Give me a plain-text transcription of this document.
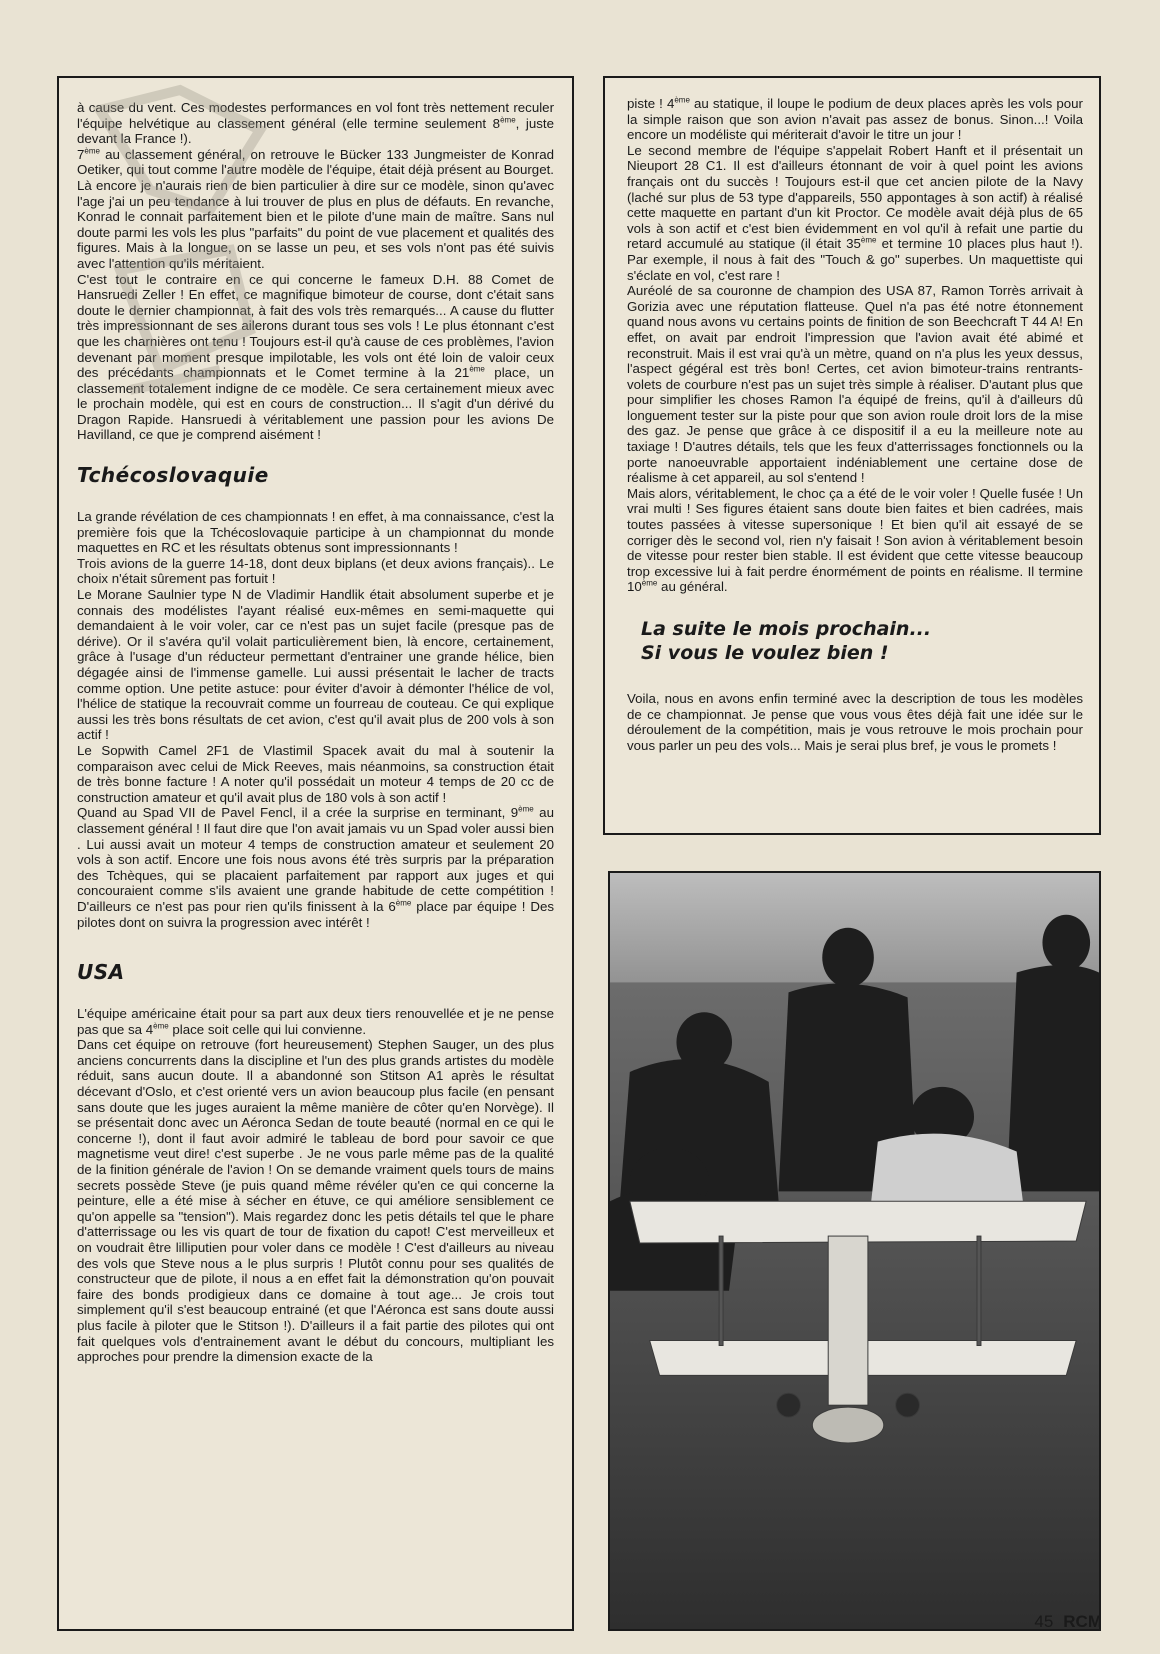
à cause du vent. Ces modestes performances en vol font très nettement reculer l'équipe helvétique au classement général (elle termine seulement 8ème, juste devant la France !).

7ème au classement général, on retrouve le Bücker 133 Jungmeister de Konrad Oetiker, qui tout comme l'autre modèle de l'équipe, était déjà présent au Bourget. Là encore je n'aurais rien de bien particulier à dire sur ce modèle, sinon qu'avec l'age j'ai un peu tendance à lui trouver de plus en plus de défauts. En revanche, Konrad le connait parfaitement bien et le pilote d'une main de maître. Sans nul doute parmi les vols les plus "parfaits" du point de vue placement et qualités des figures. Mais à la longue, on se lasse un peu, et ses vols n'ont pas été suivis avec l'attention qu'ils méritaient.

C'est tout le contraire en ce qui concerne le fameux D.H. 88 Comet de Hansruedi Zeller ! En effet, ce magnifique bimoteur de course, dont c'était sans doute le dernier championnat, à fait des vols très remarqués... A cause du flutter très impressionnant de ses ailerons durant tous ses vols ! Le plus étonnant c'est que les charnières ont tenu ! Toujours est-il qu'à cause de ces problèmes, l'avion devenant par moment presque impilotable, les vols ont été loin de valoir ceux des précédants championnats et le Comet termine à la 21ème place, un classement totalement indigne de ce modèle. Ce sera certainement mieux avec le prochain modèle, qui est en cours de construction... Il s'agit d'un dérivé du Dragon Rapide. Hansruedi à véritablement une passion pour les avions De Havilland, ce que je comprend aisément !

Tchécoslovaquie

La grande révélation de ces championnats ! en effet, à ma connaissance, c'est la première fois que la Tchécoslovaquie participe à un championnat du monde maquettes en RC et les résultats obtenus sont impressionnants !

Trois avions de la guerre 14-18, dont deux biplans (et deux avions français).. Le choix n'était sûrement pas fortuit !

Le Morane Saulnier type N de Vladimir Handlik était absolument superbe et je connais des modélistes l'ayant réalisé eux-mêmes en semi-maquette qui demandaient à le voir voler, car ce n'est pas un sujet facile (presque pas de dérive). Or il s'avéra qu'il volait particulièrement bien, là encore, certainement, grâce à l'usage d'un réducteur permettant d'entrainer une grande hélice, bien dégagée ainsi de l'immense gamelle. Lui aussi présentait le lacher de tracts comme option. Une petite astuce: pour éviter d'avoir à démonter l'hélice de vol, l'hélice de statique la recouvrait comme un fourreau de couteau. Ce qui explique aussi les très bons résultats de cet avion, c'est qu'il avait plus de 200 vols à son actif !

Le Sopwith Camel 2F1 de Vlastimil Spacek avait du mal à soutenir la comparaison avec celui de Mick Reeves, mais néanmoins, sa construction était de très bonne facture ! A noter qu'il possédait un moteur 4 temps de 20 cc de construction amateur et qu'il avait plus de 180 vols à son actif !

Quand au Spad VII de Pavel Fencl, il a crée la surprise en terminant, 9ème au classement général ! Il faut dire que l'on avait jamais vu un Spad voler aussi bien . Lui aussi avait un moteur 4 temps de construction amateur et seulement 20 vols à son actif. Encore une fois nous avons été très surpris par la préparation des Tchèques, qui se placaient parfaitement par rapport aux juges et qui concouraient comme s'ils avaient une grande habitude de cette compétition ! D'ailleurs ce n'est pas pour rien qu'ils finissent à la 6ème place par équipe ! Des pilotes dont on suivra la progression avec intérêt !

USA

L'équipe américaine était pour sa part aux deux tiers renouvellée et je ne pense pas que sa 4ème place soit celle qui lui convienne.

Dans cet équipe on retrouve (fort heureusement) Stephen Sauger, un des plus anciens concurrents dans la discipline et l'un des plus grands artistes du modèle réduit, sans aucun doute. Il a abandonné son Stitson A1 après le résultat décevant d'Oslo, et c'est orienté vers un avion beaucoup plus facile (en pensant sans doute que les juges auraient la même manière de côter qu'en Norvège). Il se présentait donc avec un Aéronca Sedan de toute beauté (normal en ce qui le concerne !), dont il faut avoir admiré le tableau de bord pour savoir ce que magnetisme veut dire! c'est superbe . Je ne vous parle même pas de la qualité de la finition générale de l'avion ! On se demande vraiment quels tours de mains secrets possède Steve (je puis quand même révéler qu'en ce qui concerne la peinture, elle a été mise à sécher en étuve, ce qui améliore sensiblement ce qu'on appelle sa "tension"). Mais regardez donc les petis détails tel que le phare d'atterrissage ou les vis quart de tour de fixation du capot! C'est merveilleux et on voudrait être lilliputien pour voler dans ce modèle ! C'est d'ailleurs au niveau des vols que Steve nous a le plus surpris ! Plutôt connu pour ses qualités de constructeur que de pilote, il nous a en effet fait la démonstration qu'on pouvait faire des bonds prodigieux dans ce domaine à tout age... Je crois tout simplement qu'il s'est beaucoup entrainé (et que l'Aéronca est sans doute aussi plus facile à piloter que le Stitson !). D'ailleurs il a fait partie des pilotes qui ont fait quelques vols d'entrainement avant le début du concours, multipliant les approches pour prendre la dimension exacte de la

piste ! 4ème au statique, il loupe le podium de deux places après les vols pour la simple raison que son avion n'avait pas assez de bonus. Sinon...! Voila encore un modéliste qui mériterait d'avoir le titre un jour !

Le second membre de l'équipe s'appelait Robert Hanft et il présentait un Nieuport 28 C1. Il est d'ailleurs étonnant de voir à quel point les avions français ont du succès ! Toujours est-il que cet ancien pilote de la Navy (laché sur plus de 53 type d'appareils, 550 appontages à son actif) à réalisé cette maquette en partant d'un kit Proctor. Ce modèle avait déjà plus de 65 vols à son actif et c'est bien évidemment en vol qu'il à refait une partie du retard accumulé au statique (il était 35ème et termine 10 places plus haut !). Par exemple, il nous à fait des "Touch & go" superbes. Un maquettiste qui s'éclate en vol, c'est rare !

Auréolé de sa couronne de champion des USA 87, Ramon Torrès arrivait à Gorizia avec une réputation flatteuse. Quel n'a pas été notre étonnement quand nous avons vu certains points de finition de son Beechcraft T 44 A! En effet, on avait par endroit l'impression que l'avion avait été abimé et reconstruit. Mais il est vrai qu'à un mètre, quand on n'a plus les yeux dessus, l'aspect gégéral est très bon! Certes, cet avion bimoteur-trains rentrants-volets de courbure n'est pas un sujet très simple à réaliser. D'autant plus que pour simplifier les choses Ramon l'a équipé de freins, qu'il à d'ailleurs dû longuement tester sur la piste pour que son avion roule droit lors de la mise des gaz. Je pense que grâce à ce dispositif il a eu la meilleure note au taxiage ! D'autres détails, tels que les feux d'atterrissages fonctionnels ou la porte nanoeuvrable apportaient indéniablement une certaine dose de réalisme à cet appareil, au sol s'entend !

Mais alors, véritablement, le choc ça a été de le voir voler ! Quelle fusée ! Un vrai multi ! Ses figures étaient sans doute bien faites et bien cadrées, mais toutes passées à vitesse supersonique ! Et bien qu'il ait essayé de se corriger dès le second vol, rien n'y faisait ! Son avion à véritablement besoin de vitesse pour rester bien stable. Il est évident que cette vitesse beaucoup trop excessive lui à fait perdre énormément de points en réalisme. Il termine 10ème au général.

La suite le mois prochain...
Si vous le voulez bien !

Voila, nous en avons enfin terminé avec la description de tous les modèles de ce championnat. Je pense que vous vous êtes déjà fait une idée sur le déroulement de la compétition, mais je vous retrouve le mois prochain pour vous parler un peu des vols... Mais je serai plus bref, je vous le promets !

45 RCM
